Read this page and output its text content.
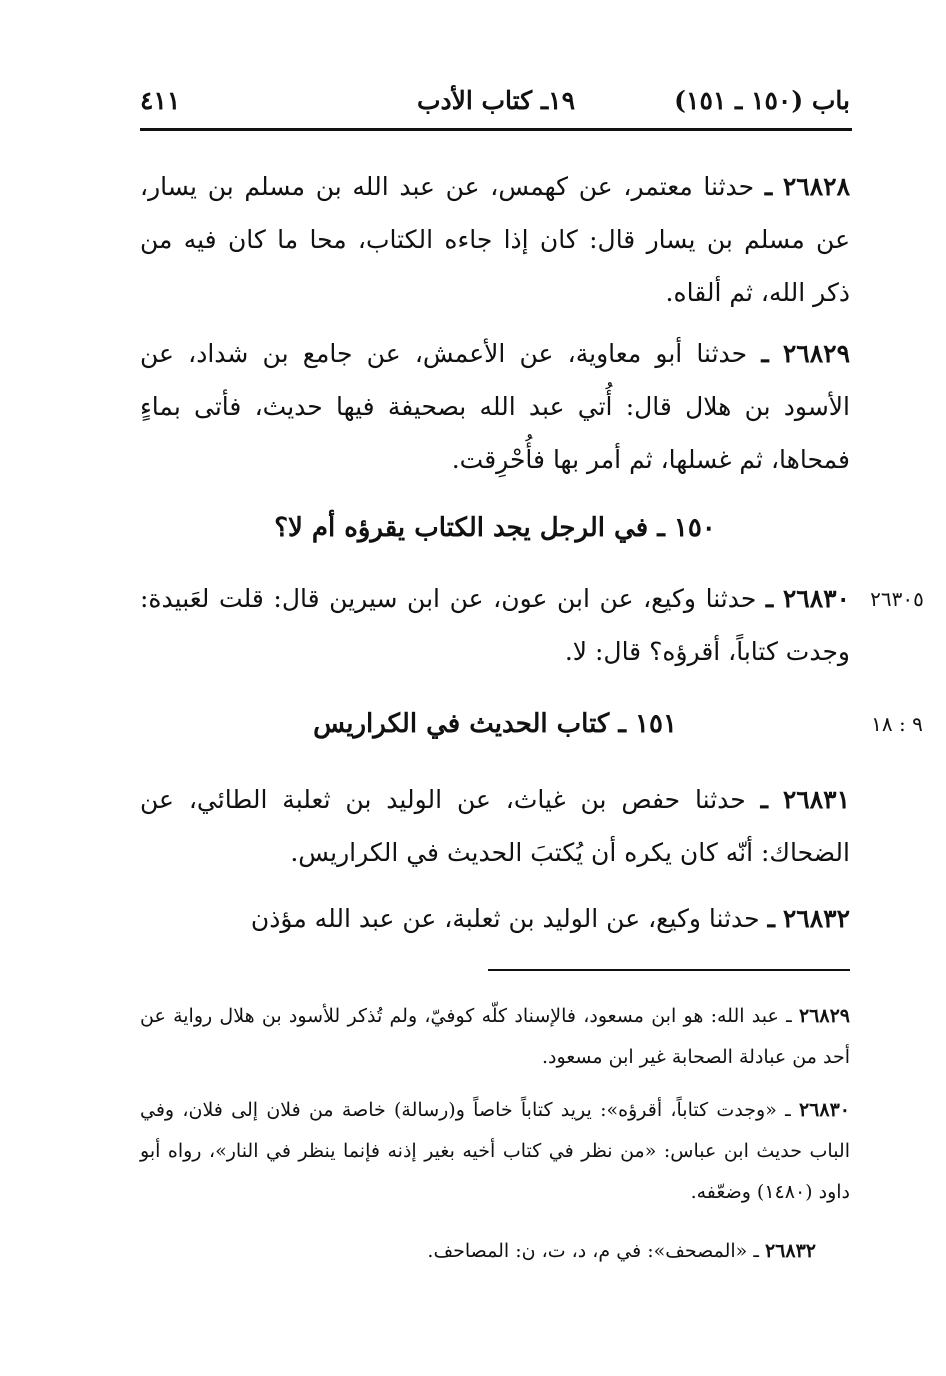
باب (١٥٠ ـ ١٥١)
١٩ـ كتاب الأدب
٤١١

٢٦٨٢٨ ـ حدثنا معتمر، عن كهمس، عن عبد الله بن مسلم بن يسار، عن مسلم بن يسار قال: كان إذا جاءه الكتاب، محا ما كان فيه من ذكر الله، ثم ألقاه.

٢٦٨٢٩ ـ حدثنا أبو معاوية، عن الأعمش، عن جامع بن شداد، عن الأسود بن هلال قال: أُتي عبد الله بصحيفة فيها حديث، فأتى بماءٍ فمحاها، ثم غسلها، ثم أمر بها فأُحْرِقت.

١٥٠ ـ في الرجل يجد الكتاب يقرؤه أم لا؟
٢٦٣٠٥

٢٦٨٣٠ ـ حدثنا وكيع، عن ابن عون، عن ابن سيرين قال: قلت لعَبيدة: وجدت كتاباً، أقرؤه؟ قال: لا.

٩ : ١٨
١٥١ ـ كتاب الحديث في الكراريس

٢٦٨٣١ ـ حدثنا حفص بن غياث، عن الوليد بن ثعلبة الطائي، عن الضحاك: أنّه كان يكره أن يُكتبَ الحديث في الكراريس.

٢٦٨٣٢ ـ حدثنا وكيع، عن الوليد بن ثعلبة، عن عبد الله مؤذن

٢٦٨٢٩ ـ عبد الله: هو ابن مسعود، فالإسناد كلّه كوفيّ، ولم تُذكر للأسود بن هلال رواية عن أحد من عبادلة الصحابة غير ابن مسعود.

٢٦٨٣٠ ـ «وجدت كتاباً، أقرؤه»: يريد كتاباً خاصاً و(رسالة) خاصة من فلان إلى فلان، وفي الباب حديث ابن عباس: «من نظر في كتاب أخيه بغير إذنه فإنما ينظر في النار»، رواه أبو داود (١٤٨٠) وضعّفه.

٢٦٨٣٢ ـ «المصحف»: في م، د، ت، ن: المصاحف.
